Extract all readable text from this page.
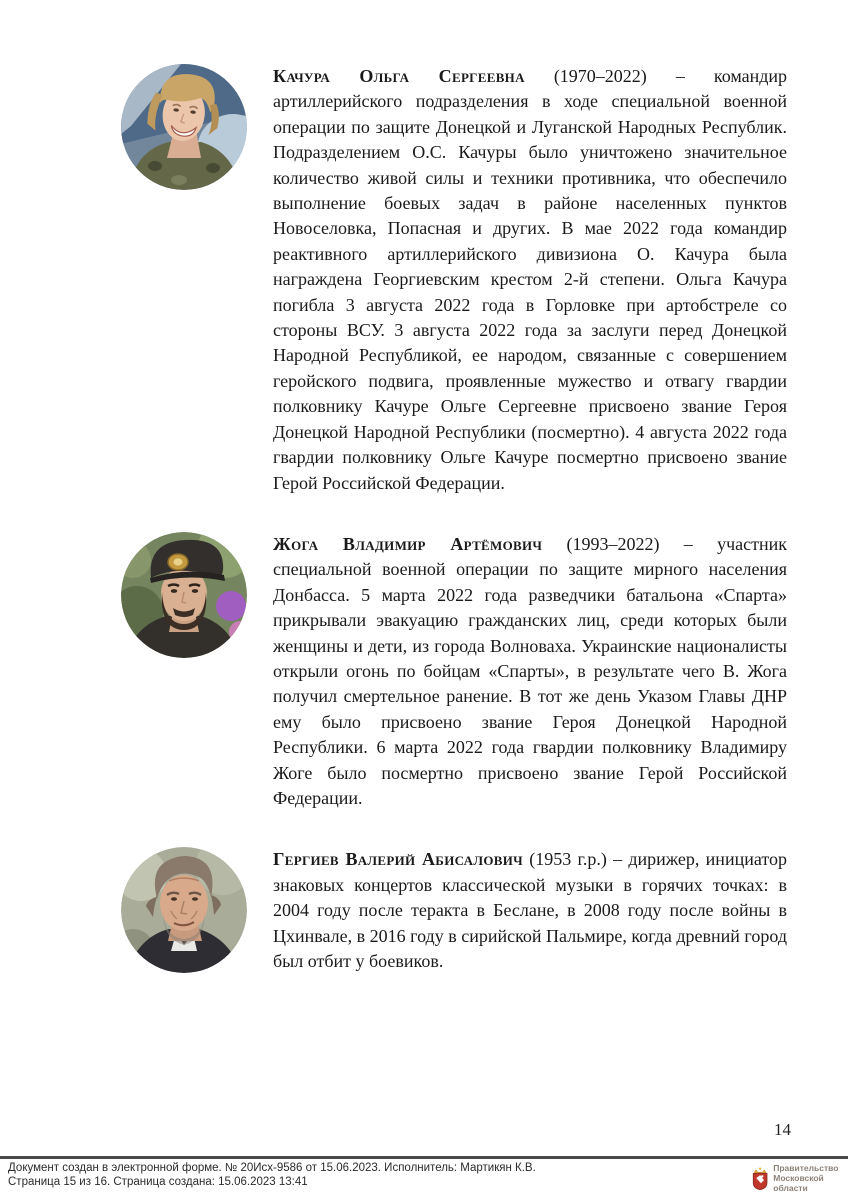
Качура Ольга Сергеевна (1970–2022) – командир артиллерийского подразделения в ходе специальной военной операции по защите Донецкой и Луганской Народных Республик. Подразделением О.С. Качуры было уничтожено значительное количество живой силы и техники противника, что обеспечило выполнение боевых задач в районе населенных пунктов Новоселовка, Попасная и других. В мае 2022 года командир реактивного артиллерийского дивизиона О. Качура была награждена Георгиевским крестом 2-й степени. Ольга Качура погибла 3 августа 2022 года в Горловке при артобстреле со стороны ВСУ. 3 августа 2022 года за заслуги перед Донецкой Народной Республикой, ее народом, связанные с совершением геройского подвига, проявленные мужество и отвагу гвардии полковнику Качуре Ольге Сергеевне присвоено звание Героя Донецкой Народной Республики (посмертно). 4 августа 2022 года гвардии полковнику Ольге Качуре посмертно присвоено звание Герой Российской Федерации.

Жога Владимир Артёмович (1993–2022) – участник специальной военной операции по защите мирного населения Донбасса. 5 марта 2022 года разведчики батальона «Спарта» прикрывали эвакуацию гражданских лиц, среди которых были женщины и дети, из города Волноваха. Украинские националисты открыли огонь по бойцам «Спарты», в результате чего В. Жога получил смертельное ранение. В тот же день Указом Главы ДНР ему было присвоено звание Героя Донецкой Народной Республики. 6 марта 2022 года гвардии полковнику Владимиру Жоге было посмертно присвоено звание Герой Российской Федерации.

Гергиев Валерий Абисалович (1953 г.р.) – дирижер, инициатор знаковых концертов классической музыки в горячих точках: в 2004 году после теракта в Беслане, в 2008 году после войны в Цхинвале, в 2016 году в сирийской Пальмире, когда древний город был отбит у боевиков.

14
Документ создан в электронной форме. № 20Исх-9586 от 15.06.2023. Исполнитель: Мартикян К.В.
Страница 15 из 16. Страница создана: 15.06.2023 13:41
Правительство
Московской области
